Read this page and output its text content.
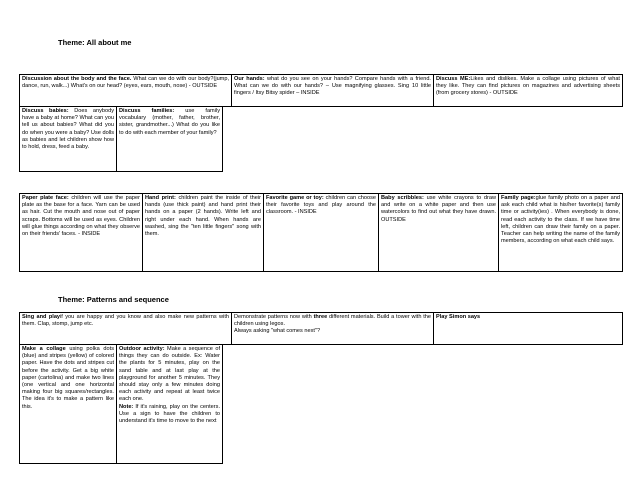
Theme: All about me
Discussion about the body and the face. What can we do with our body?(jump, dance, run, walk...) What's on our head? (eyes, ears, mouth, nose) - OUTSIDE
Our hands: what do you see on your hands? Compare hands with a friend. What can we do with our hands? – Use magnifying glasses. Sing 10 little fingers / Itsy Bitsy spider – INSIDE
Discuss ME:Likes and dislikes. Make a collage using pictures of what they like. They can find pictures on magazines and advertising sheets (from grocery stores) - OUTSIDE
Discuss babies: Does anybody have a baby at home? What can you tell us about babies? What did you do when you were a baby? Use dolls as babies and let children show how to hold, dress, feed a baby.
Discuss families: use family vocabulary (mother, father, brother, sister, grandmother...) What do you like to do with each member of your family?
Paper plate face: children will use the paper plate as the base for a face. Yarn can be used as hair. Cut the mouth and nose out of paper scraps. Bottoms will be used as eyes. Children will glue things according on what they observe on their friends' faces. - INSIDE
Hand print: children paint the inside of their hands (use thick paint) and hand print their hands on a paper (2 hands). Write left and right under each hand. When hands are washed, sing the "ten little fingers" song with them.
Favorite game or toy: children can choose their favorite toys and play around the classroom. - INSIDE
Baby scribbles: use white crayons to draw and write on a white paper and then use watercolors to find out what they have drawn. OUTSIDE
Family page:glue family photo on a paper and ask each child what is his/her favorite(s) family time or activity(ies) . When everybody is done, read each activity to the class. If we have time left, children can draw their family on a paper. Teacher can help writing the name of the family members, according on what each child says.
Theme: Patterns and sequence
Sing and playif you are happy and you know and also make new patterns with them. Clap, stomp, jump etc.
Demonstrate patterns now with three different materials. Build a tower with the children using legos.
Always asking "what comes next"?
Play Simon says
Make a collage using polka dots (blue) and stripes (yellow) of colored paper. Have the dots and stripes cut before the activity. Get a big white paper (cartolina) and make two lines (one vertical and one horizontal making four big squares/rectangles. The idea it's to make a pattern like this.
Outdoor activity: Make a sequence of things they can do outside. Ex: Water the plants for 5 minutes, play on the sand table and at last play at the playground for another 5 minutes. They should stay only a few minutes doing each activity and repeat at least twice each one.
Note: If it's raining, play on the centers. Use a sign to have the children to understand it's time to move to the next
